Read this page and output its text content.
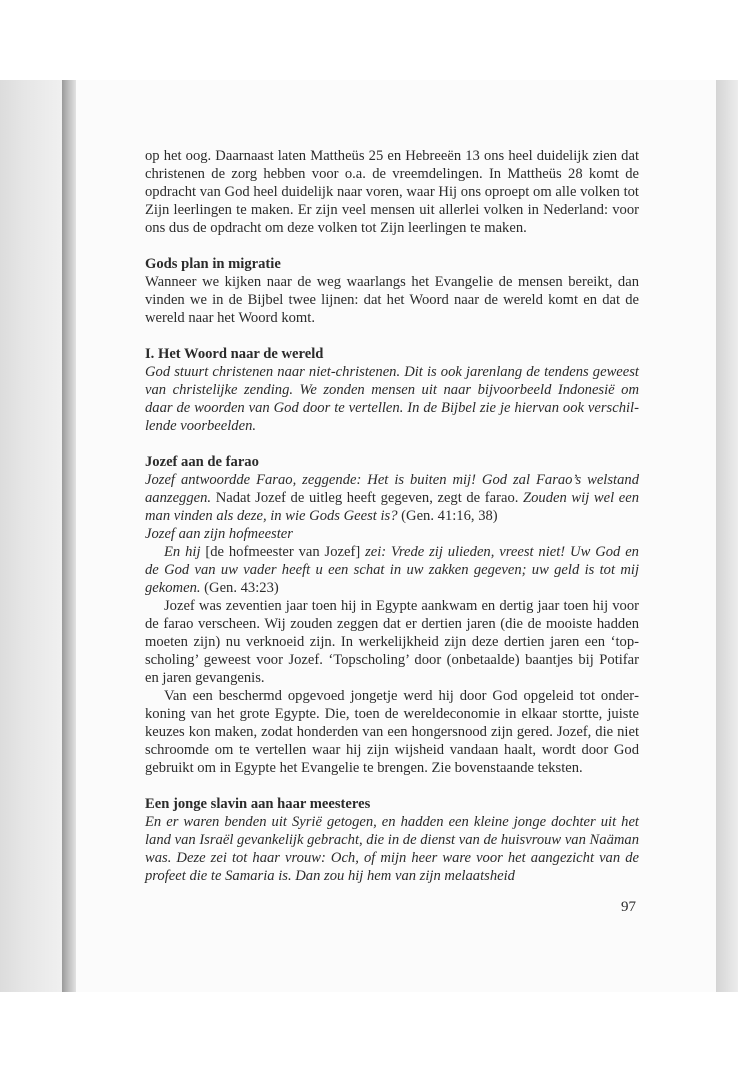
op het oog. Daarnaast laten Mattheüs 25 en Hebreeën 13 ons heel duidelijk zien dat christenen de zorg hebben voor o.a. de vreemdelingen. In Mattheüs 28 komt de opdracht van God heel duidelijk naar voren, waar Hij ons oproept om alle volken tot Zijn leerlingen te maken. Er zijn veel mensen uit allerlei volken in Nederland: voor ons dus de opdracht om deze volken tot Zijn leerlingen te maken.

Gods plan in migratie

Wanneer we kijken naar de weg waarlangs het Evangelie de mensen bereikt, dan vinden we in de Bijbel twee lijnen: dat het Woord naar de wereld komt en dat de wereld naar het Woord komt.

I. Het Woord naar de wereld

God stuurt christenen naar niet-christenen. Dit is ook jarenlang de tendens geweest van christelijke zending. We zonden mensen uit naar bijvoorbeeld Indonesië om daar de woorden van God door te vertellen. In de Bijbel zie je hiervan ook verschillende voorbeelden.

Jozef aan de farao

Jozef antwoordde Farao, zeggende: Het is buiten mij! God zal Farao’s welstand aanzeggen. Nadat Jozef de uitleg heeft gegeven, zegt de farao. Zouden wij wel een man vinden als deze, in wie Gods Geest is? (Gen. 41:16, 38)

Jozef aan zijn hofmeester

En hij [de hofmeester van Jozef] zei: Vrede zij ulieden, vreest niet! Uw God en de God van uw vader heeft u een schat in uw zakken gegeven; uw geld is tot mij gekomen. (Gen. 43:23)

Jozef was zeventien jaar toen hij in Egypte aankwam en dertig jaar toen hij voor de farao verscheen. Wij zouden zeggen dat er dertien jaren (die de mooiste hadden moeten zijn) nu verknoeid zijn. In werkelijkheid zijn deze dertien jaren een ‘topscholing’ geweest voor Jozef. ‘Topscholing’ door (onbetaalde) baantjes bij Potifar en jaren gevangenis.

Van een beschermd opgevoed jongetje werd hij door God opgeleid tot onderkoning van het grote Egypte. Die, toen de wereldeconomie in elkaar stortte, juiste keuzes kon maken, zodat honderden van een hongersnood zijn gered. Jozef, die niet schroomde om te vertellen waar hij zijn wijsheid vandaan haalt, wordt door God gebruikt om in Egypte het Evangelie te brengen. Zie bovenstaande teksten.

Een jonge slavin aan haar meesteres

En er waren benden uit Syrië getogen, en hadden een kleine jonge dochter uit het land van Israël gevankelijk gebracht, die in de dienst van de huisvrouw van Naäman was. Deze zei tot haar vrouw: Och, of mijn heer ware voor het aangezicht van de profeet die te Samaria is. Dan zou hij hem van zijn melaatsheid

97
